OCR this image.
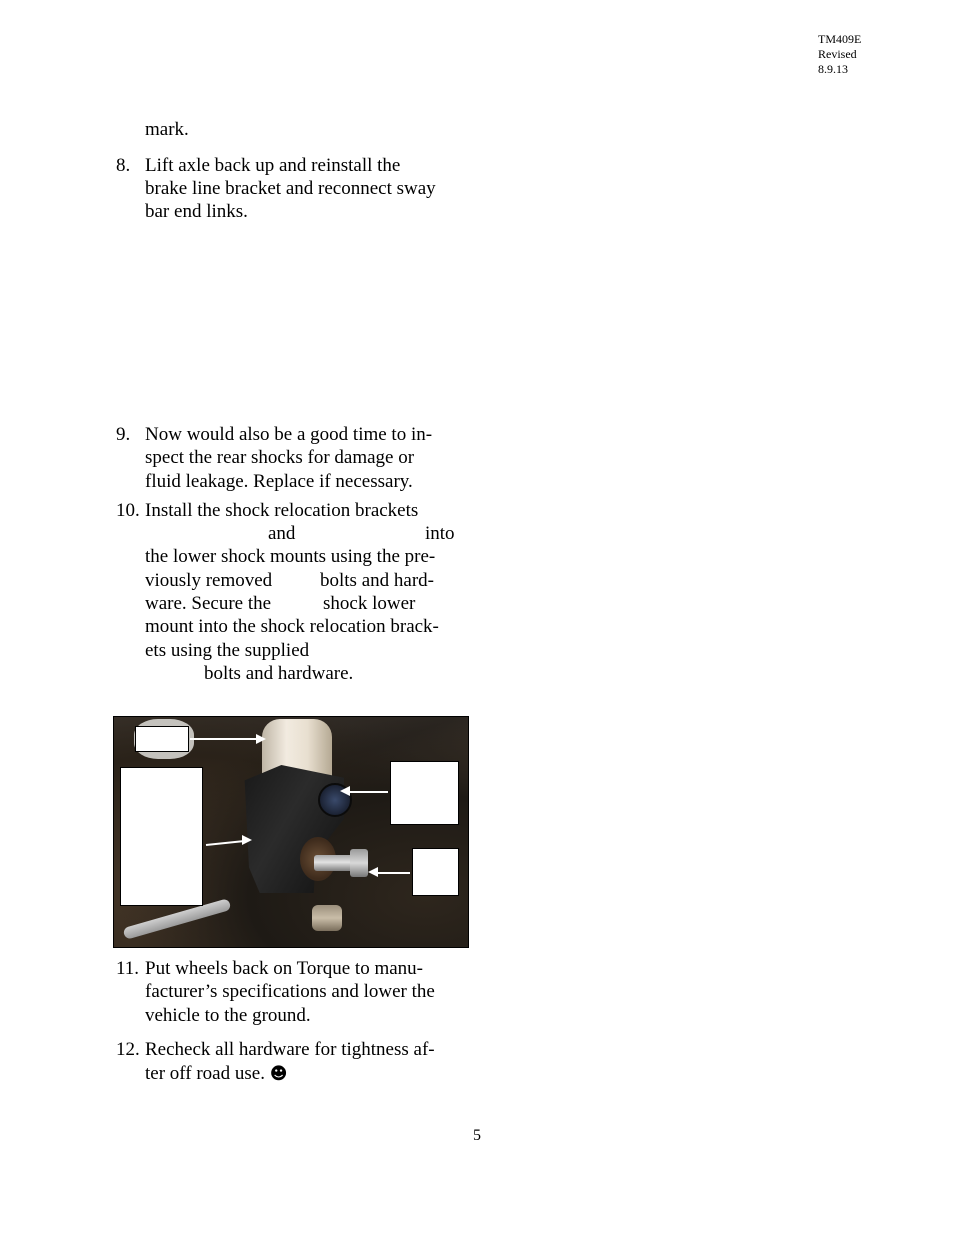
TM409E
Revised
8.9.13
mark.
8. Lift axle back up and reinstall the
brake line bracket and reconnect sway
bar end links.
9. Now would also be a good time to in-
spect the rear shocks for damage or
fluid leakage. Replace if necessary.
10. Install the shock relocation brackets
and	into
the lower shock mounts using the pre-
viously removed	bolts and hard-
ware. Secure the	shock lower
mount into the shock relocation brack-
ets using the supplied
bolts and hardware.
11. Put wheels back on Torque to manu-
facturer’s specifications and lower the
vehicle to the ground.
12. Recheck all hardware for tightness af-
ter off road use. ☻
5
